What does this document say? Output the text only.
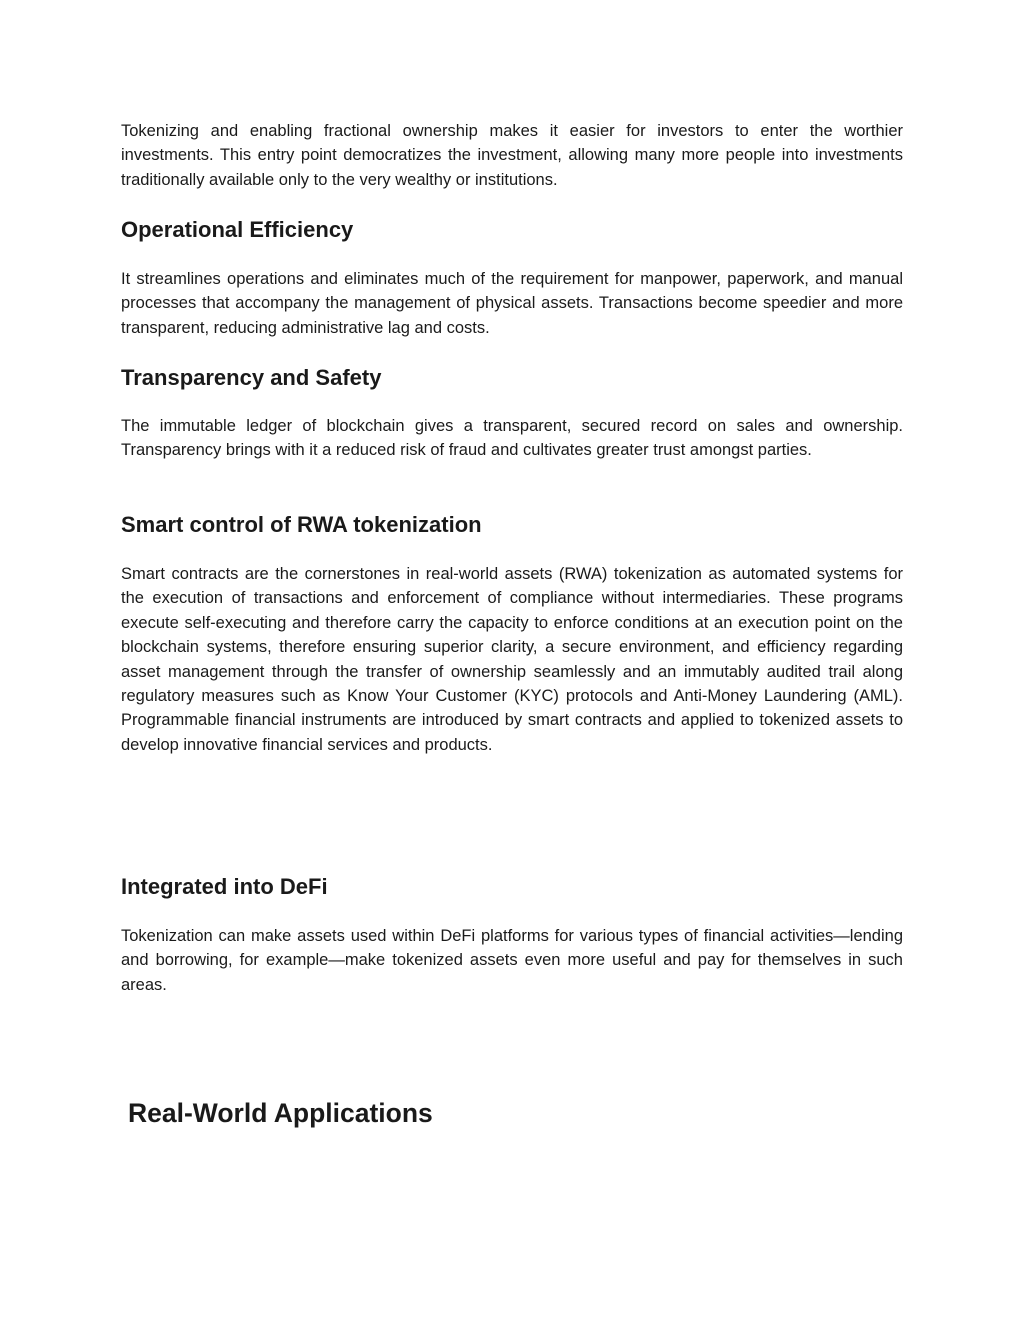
Tokenizing and enabling fractional ownership makes it easier for investors to enter the worthier investments. This entry point democratizes the investment, allowing many more people into investments traditionally available only to the very wealthy or institutions.

Operational Efficiency

It streamlines operations and eliminates much of the requirement for manpower, paperwork, and manual processes that accompany the management of physical assets. Transactions become speedier and more transparent, reducing administrative lag and costs.

Transparency and Safety

The immutable ledger of blockchain gives a transparent, secured record on sales and ownership. Transparency brings with it a reduced risk of fraud and cultivates greater trust amongst parties.

Smart control of RWA tokenization

Smart contracts are the cornerstones in real-world assets (RWA) tokenization as automated systems for the execution of transactions and enforcement of compliance without intermediaries. These programs execute self-executing and therefore carry the capacity to enforce conditions at an execution point on the blockchain systems, therefore ensuring superior clarity, a secure environment, and efficiency regarding asset management through the transfer of ownership seamlessly and an immutably audited trail along regulatory measures such as Know Your Customer (KYC) protocols and Anti-Money Laundering (AML). Programmable financial instruments are introduced by smart contracts and applied to tokenized assets to develop innovative financial services and products.

Integrated into DeFi

Tokenization can make assets used within DeFi platforms for various types of financial activities—lending and borrowing, for example—make tokenized assets even more useful and pay for themselves in such areas.

Real-World Applications
